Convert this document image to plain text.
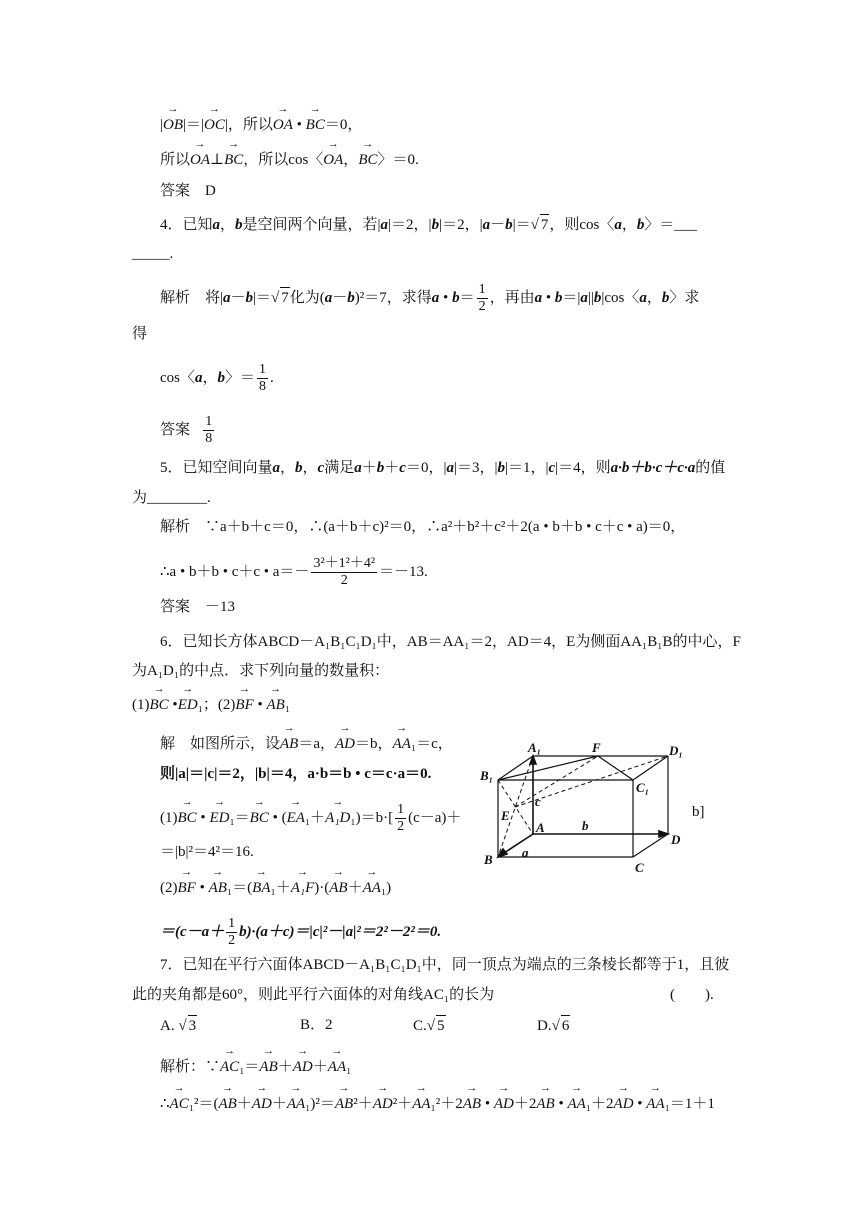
|→ OB|＝|→ OC|，所以→ OA • → BC＝0，
所以→ OA⊥→ BC，所以cos〈→ OA，→ BC〉＝0.
答案　D
4．已知a，b是空间两个向量，若|a|＝2，|b|＝2，|a－b|＝√ 7，则cos〈a，b〉＝___
_____.
解析　将|a－b|＝√ 7化为(a－b)²＝7，求得a • $b= \frac{1}{2}$ ，再由a • b＝|a||b|cos〈a，b〉求
得
cos〈a，b〉＝ $\frac{1}{8}$ .
答案 $\frac{1}{8}$
5．已知空间向量a，b，c满足a＋b＋c＝0，|a|＝3，|b|＝1，|c|＝4，则a·b＋b·c＋c·a的值
为________.
解析　∵a＋b＋c＝0，∴(a＋b＋c)²＝0，∴a²＋b²＋c²＋2(a • b＋b • c＋c • a)＝0，
∴a • b＋b • c＋c • $a=- \frac{\text{3²＋1²＋4²}}{2} =-13$.
答案　－13
6．已知长方体ABCD－A₁B₁C₁D₁中，AB＝AA₁＝2，AD＝4，E为侧面AA₁B₁B的中心，F
为A₁D₁的中点．求下列向量的数量积：
(1)→ BC •→ ED₁；(2)→ BF • → AB₁
解　如图所示，设→ AB＝a，→ AD＝b，→ AA₁＝c，
则|a|＝|c|＝2，|b|＝4，a·b＝b • c＝c·a＝0.
(1)→ BC • → ED₁＝→ BC • (→ $EA_1+\to A_1D_1)=b\cdot[ \frac{1}{2} (c-a)+$	b]
＝|b|²＝4²＝16.
(2)→ BF • → AB₁＝(→ BA₁＋→ A₁F)·(→ AB＋→ AA₁)
$=(c-a+ \frac{1}{2} b)\cdot(a+c)=|c|^2-|a|^2=2^2-2^2=0$.
A₁	F	D₁
B₁
C₁
c
E
A	b
D
B a
C
7．已知在平行六面体ABCD－A₁B₁C₁D₁中，同一顶点为端点的三条棱长都等于1，且彼
此的夹角都是60°，则此平行六面体的对角线AC₁的长为	(　　).
A. √ 3	B．2	C.√ 5	D.√ 6
解析：∵→ AC₁＝→ AB＋→ AD＋→ AA₁
∴→ AC₁²＝(→ AB＋→ AD＋→ AA₁)²＝→ AB²＋→ AD²＋→ AA₁²＋2→ AB • → AD＋2→ AB • → AA₁＋2→ AD • → AA₁＝1＋1
